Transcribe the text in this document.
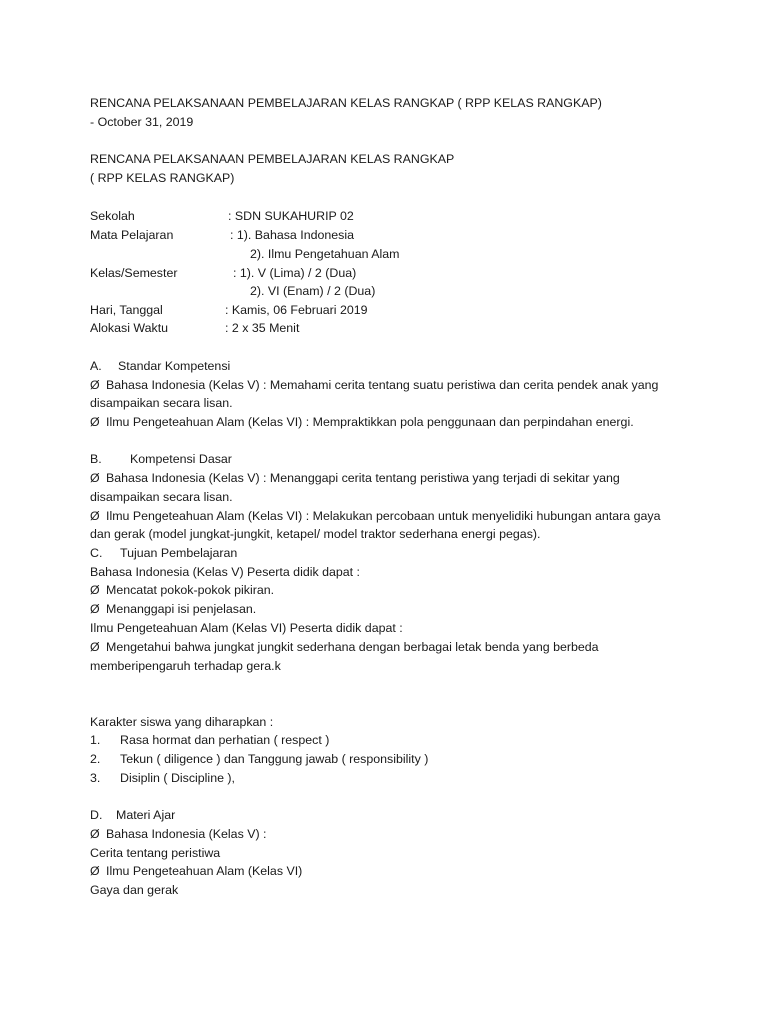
RENCANA PELAKSANAAN PEMBELAJARAN KELAS RANGKAP ( RPP KELAS RANGKAP)
- October 31, 2019
RENCANA PELAKSANAAN PEMBELAJARAN KELAS RANGKAP
( RPP KELAS RANGKAP)
Sekolah	: SDN SUKAHURIP 02
Mata Pelajaran	: 1). Bahasa Indonesia
2). Ilmu Pengetahuan Alam
Kelas/Semester	: 1). V (Lima) / 2 (Dua)
2). VI (Enam) / 2 (Dua)
Hari, Tanggal	: Kamis, 06 Februari 2019
Alokasi Waktu	: 2 x 35 Menit
A. Standar Kompetensi
Ø Bahasa Indonesia (Kelas V) : Memahami cerita tentang suatu peristiwa dan cerita pendek anak yang
disampaikan secara lisan.
Ø Ilmu Pengeteahuan Alam (Kelas VI) : Mempraktikkan pola penggunaan dan perpindahan energi.
B. Kompetensi Dasar
Ø Bahasa Indonesia (Kelas V) : Menanggapi cerita tentang peristiwa yang terjadi di sekitar yang
disampaikan secara lisan.
Ø Ilmu Pengeteahuan Alam (Kelas VI) : Melakukan percobaan untuk menyelidiki hubungan antara gaya
dan gerak (model jungkat-jungkit, ketapel/ model traktor sederhana energi pegas).
C. Tujuan Pembelajaran
Bahasa Indonesia (Kelas V) Peserta didik dapat :
Ø Mencatat pokok-pokok pikiran.
Ø Menanggapi isi penjelasan.
Ilmu Pengeteahuan Alam (Kelas VI) Peserta didik dapat :
Ø Mengetahui bahwa jungkat jungkit sederhana dengan berbagai letak benda yang berbeda
memberipengaruh terhadap gera.k
Karakter siswa yang diharapkan :
1. Rasa hormat dan perhatian ( respect )
2. Tekun ( diligence ) dan Tanggung jawab ( responsibility )
3. Disiplin ( Discipline ),
D. Materi Ajar
Ø Bahasa Indonesia (Kelas V) :
Cerita tentang peristiwa
Ø Ilmu Pengeteahuan Alam (Kelas VI)
Gaya dan gerak
